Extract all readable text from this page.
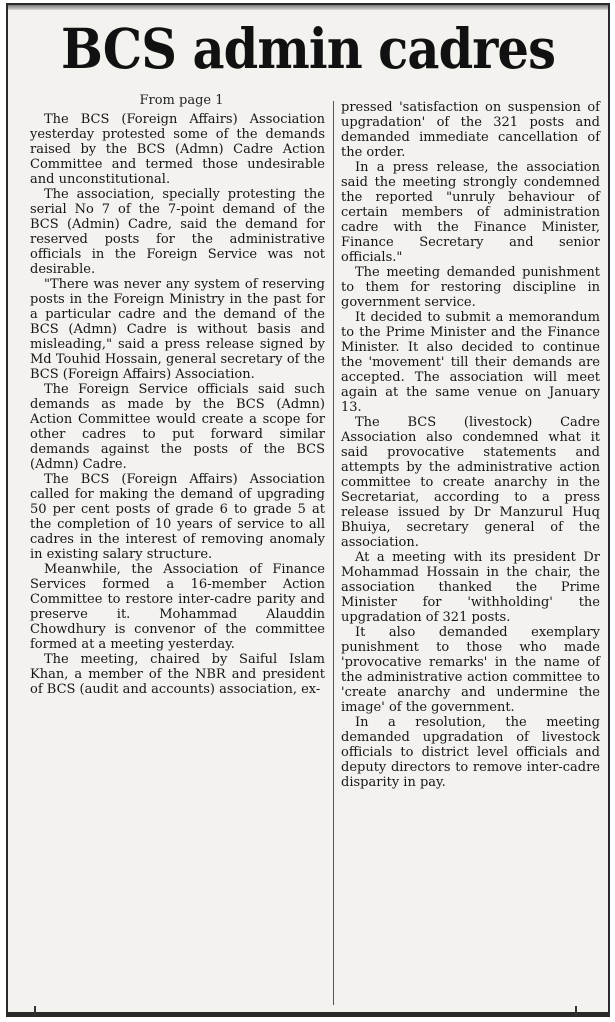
BCS admin cadres
From page 1

The BCS (Foreign Affairs) Association yesterday protested some of the demands raised by the BCS (Admn) Cadre Action Committee and termed those undesirable and unconstitutional.

The association, specially protesting the serial No 7 of the 7-point demand of the BCS (Admin) Cadre, said the demand for reserved posts for the administrative officials in the Foreign Service was not desirable.

"There was never any system of reserving posts in the Foreign Ministry in the past for a particular cadre and the demand of the BCS (Admn) Cadre is without basis and misleading," said a press release signed by Md Touhid Hossain, general secretary of the BCS (Foreign Affairs) Association.

The Foreign Service officials said such demands as made by the BCS (Admn) Action Committee would create a scope for other cadres to put forward similar demands against the posts of the BCS (Admn) Cadre.

The BCS (Foreign Affairs) Association called for making the demand of upgrading 50 per cent posts of grade 6 to grade 5 at the completion of 10 years of service to all cadres in the interest of removing anomaly in existing salary structure.

Meanwhile, the Association of Finance Services formed a 16-member Action Committee to restore inter-cadre parity and preserve it. Mohammad Alauddin Chowdhury is convenor of the committee formed at a meeting yesterday.

The meeting, chaired by Saiful Islam Khan, a member of the NBR and president of BCS (audit and accounts) association, ex-

pressed 'satisfaction on suspension of upgradation' of the 321 posts and demanded immediate cancellation of the order.

In a press release, the association said the meeting strongly condemned the reported "unruly behaviour of certain members of administration cadre with the Finance Minister, Finance Secretary and senior officials."

The meeting demanded punishment to them for restoring discipline in government service.

It decided to submit a memorandum to the Prime Minister and the Finance Minister. It also decided to continue the 'movement' till their demands are accepted. The association will meet again at the same venue on January 13.

The BCS (livestock) Cadre Association also condemned what it said provocative statements and attempts by the administrative action committee to create anarchy in the Secretariat, according to a press release issued by Dr Manzurul Huq Bhuiya, secretary general of the association.

At a meeting with its president Dr Mohammad Hossain in the chair, the association thanked the Prime Minister for 'withholding' the upgradation of 321 posts.

It also demanded exemplary punishment to those who made 'provocative remarks' in the name of the administrative action committee to 'create anarchy and undermine the image' of the government.

In a resolution, the meeting demanded upgradation of livestock officials to district level officials and deputy directors to remove inter-cadre disparity in pay.
